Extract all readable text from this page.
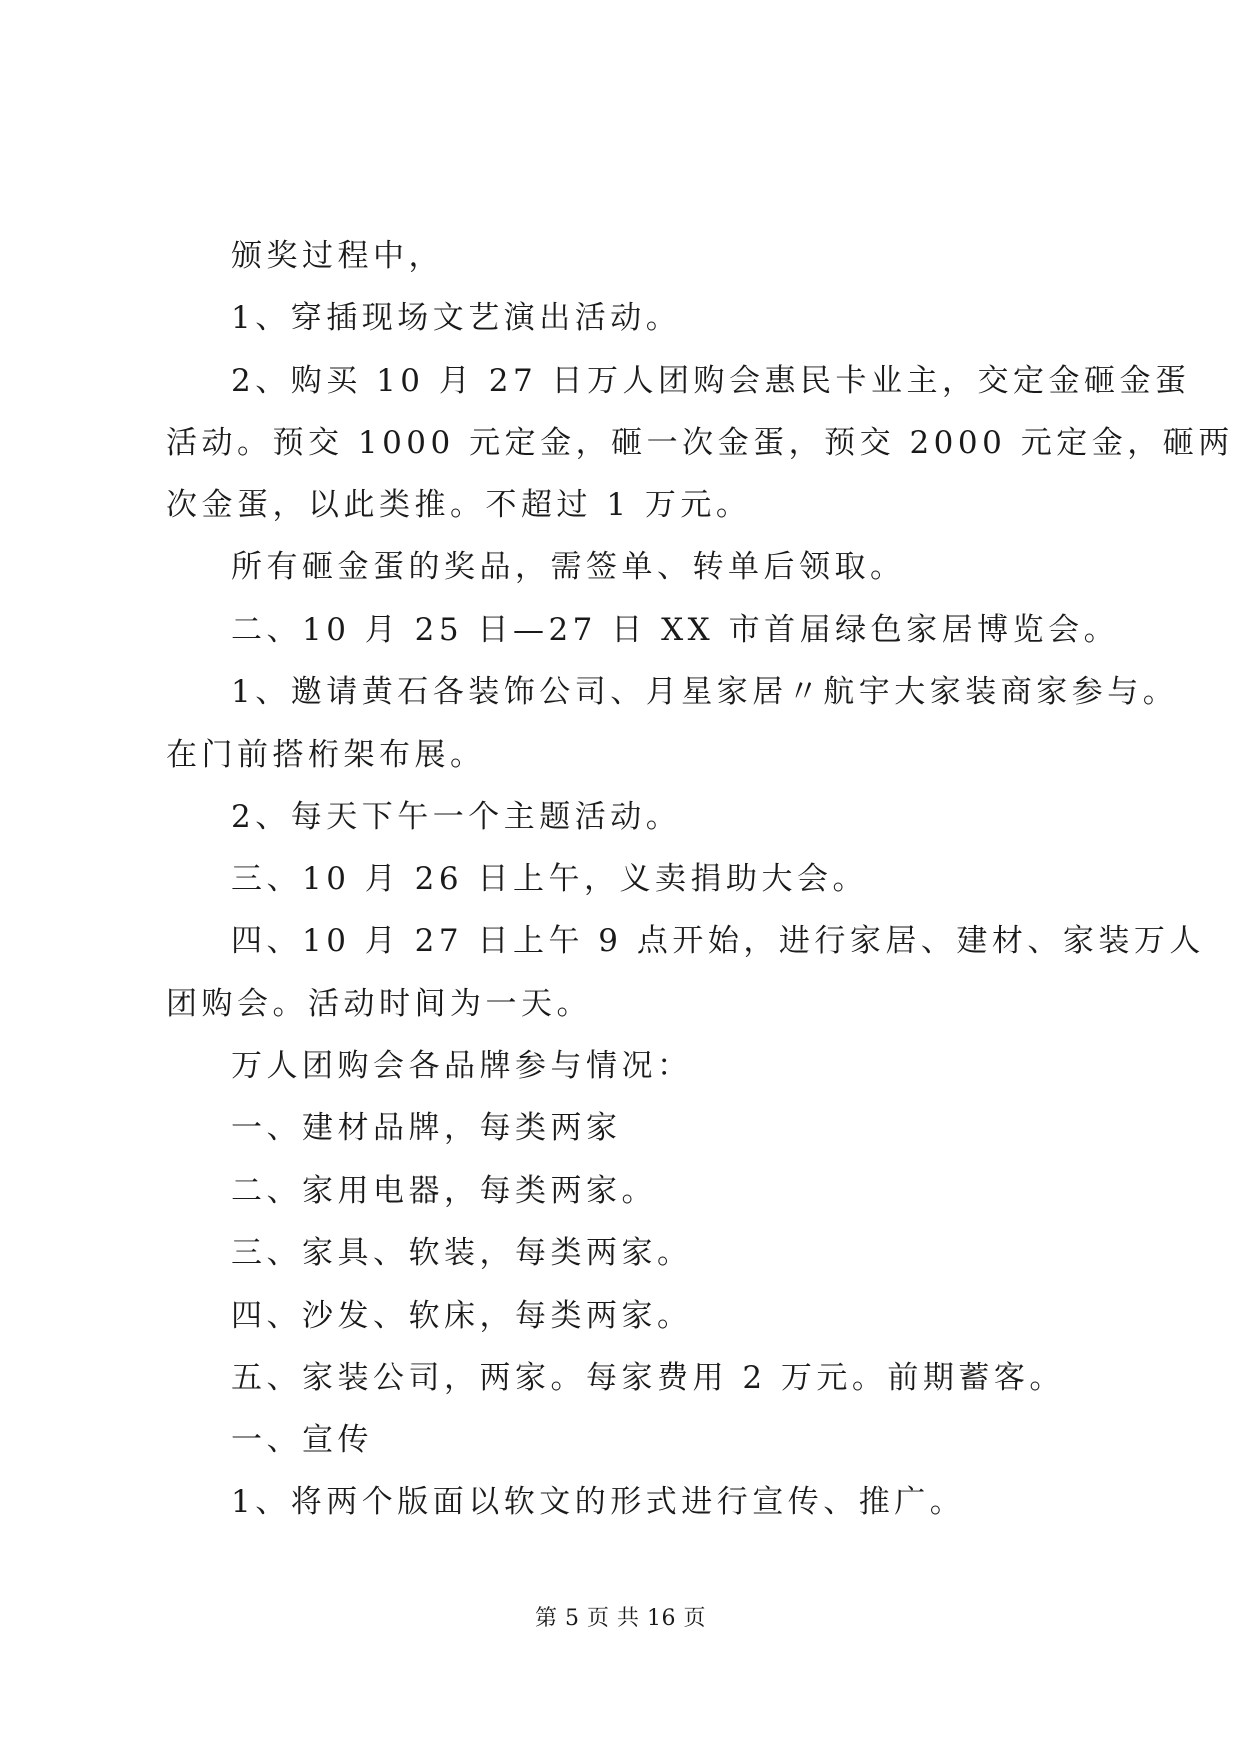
颁奖过程中，
1、穿插现场文艺演出活动。
2、购买 10 月 27 日万人团购会惠民卡业主，交定金砸金蛋
活动。预交 1000 元定金，砸一次金蛋，预交 2000 元定金，砸两
次金蛋，以此类推。不超过 1 万元。
所有砸金蛋的奖品，需签单、转单后领取。
二、10 月 25 日—27 日 XX 市首届绿色家居博览会。
1、邀请黄石各装饰公司、月星家居〃航宇大家装商家参与。
在门前搭桁架布展。
2、每天下午一个主题活动。
三、10 月 26 日上午，义卖捐助大会。
四、10 月 27 日上午 9 点开始，进行家居、建材、家装万人
团购会。活动时间为一天。
万人团购会各品牌参与情况：
一、建材品牌，每类两家
二、家用电器，每类两家。
三、家具、软装，每类两家。
四、沙发、软床，每类两家。
五、家装公司，两家。每家费用 2 万元。前期蓄客。
一、宣传
1、将两个版面以软文的形式进行宣传、推广。
第 5 页 共 16 页
